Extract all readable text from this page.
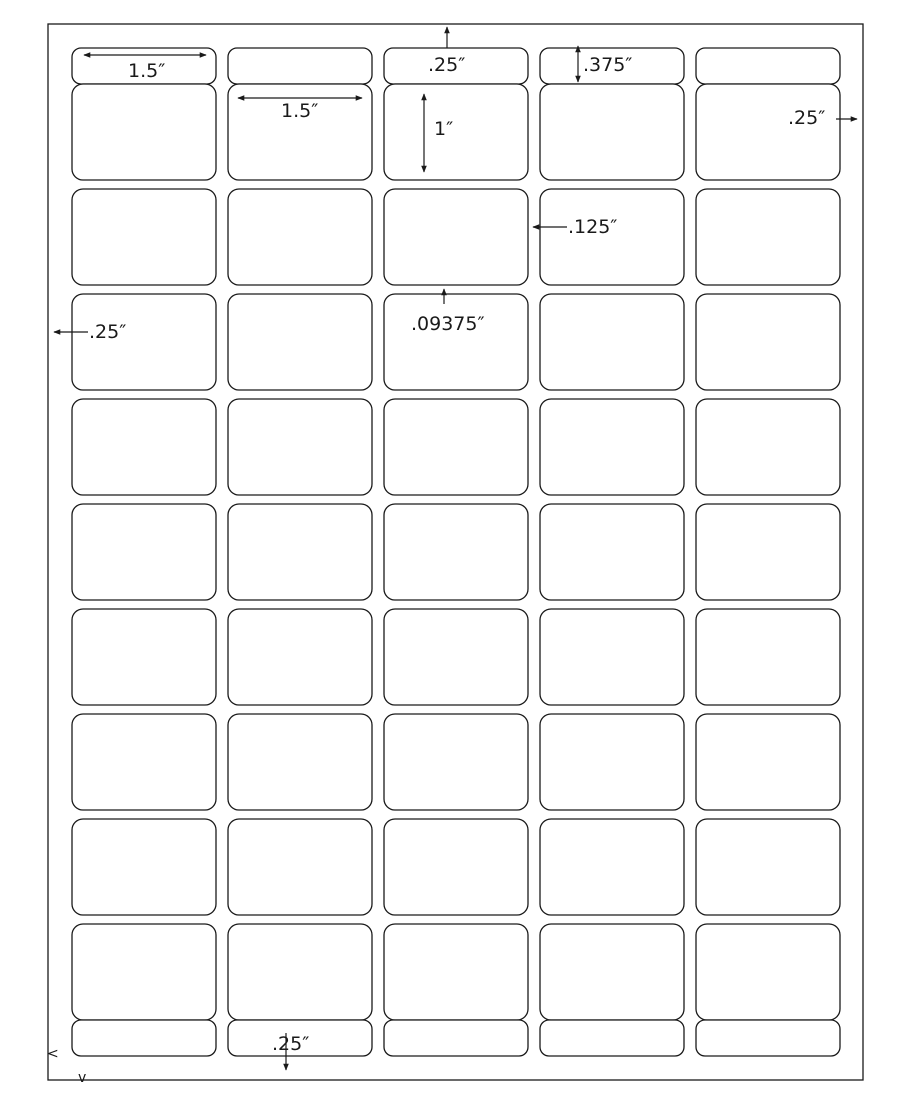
1.5″
1.5″
.25″	.375″
1″	.25″
.125″
.25″	.09375″
.25″
<
v
